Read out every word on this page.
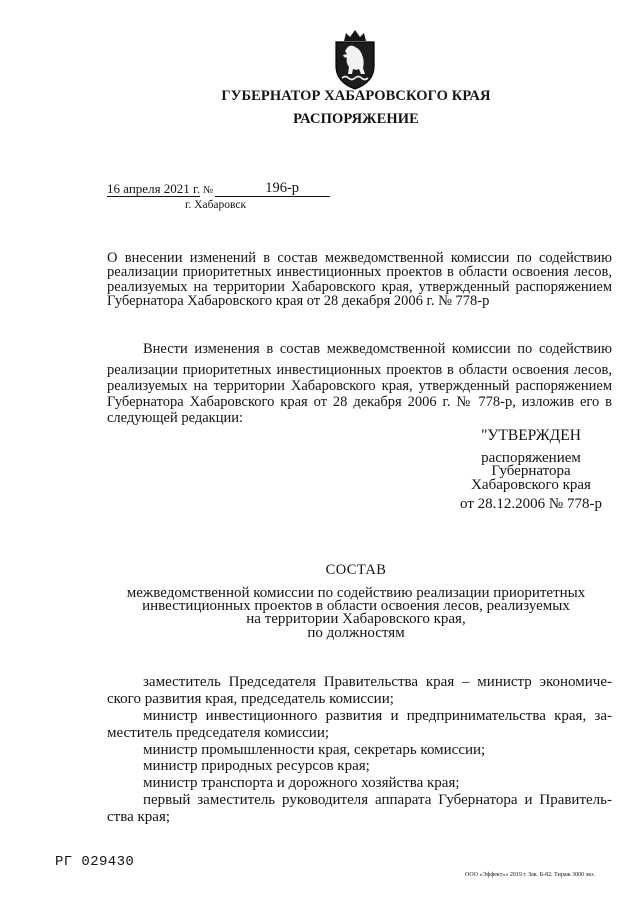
ГУБЕРНАТОР ХАБАРОВСКОГО КРАЯ
РАСПОРЯЖЕНИЕ
16 апреля 2021 г. №	196-р
г. Хабаровск
О внесении изменений в состав межведомственной комиссии по содействию
реализации приоритетных инвестиционных проектов в области освоения лесов,
реализуемых на территории Хабаровского края, утвержденный распоряжением
Губернатора Хабаровского края от 28 декабря 2006 г. № 778-р
Внести изменения в состав межведомственной комиссии по содействию
реализации приоритетных инвестиционных проектов в области освоения лесов,
реализуемых на территории Хабаровского края, утвержденный распоряжением
Губернатора Хабаровского края от 28 декабря 2006 г. № 778-р, изложив его в
следующей редакции:
"УТВЕРЖДЕН
распоряжением
Губернатора
Хабаровского края
от 28.12.2006 № 778-р
СОСТАВ
межведомственной комиссии по содействию реализации приоритетных
инвестиционных проектов в области освоения лесов, реализуемых
на территории Хабаровского края,
по должностям
заместитель Председателя Правительства края – министр экономиче-
ского развития края, председатель комиссии;
министр инвестиционного развития и предпринимательства края, за-
меститель председателя комиссии;
министр промышленности края, секретарь комиссии;
министр природных ресурсов края;
министр транспорта и дорожного хозяйства края;
первый заместитель руководителя аппарата Губернатора и Правитель-
ства края;
РГ 029430
ООО «Эффект»» 2019 г. Зак. Б-82. Тираж 3000 экз.
